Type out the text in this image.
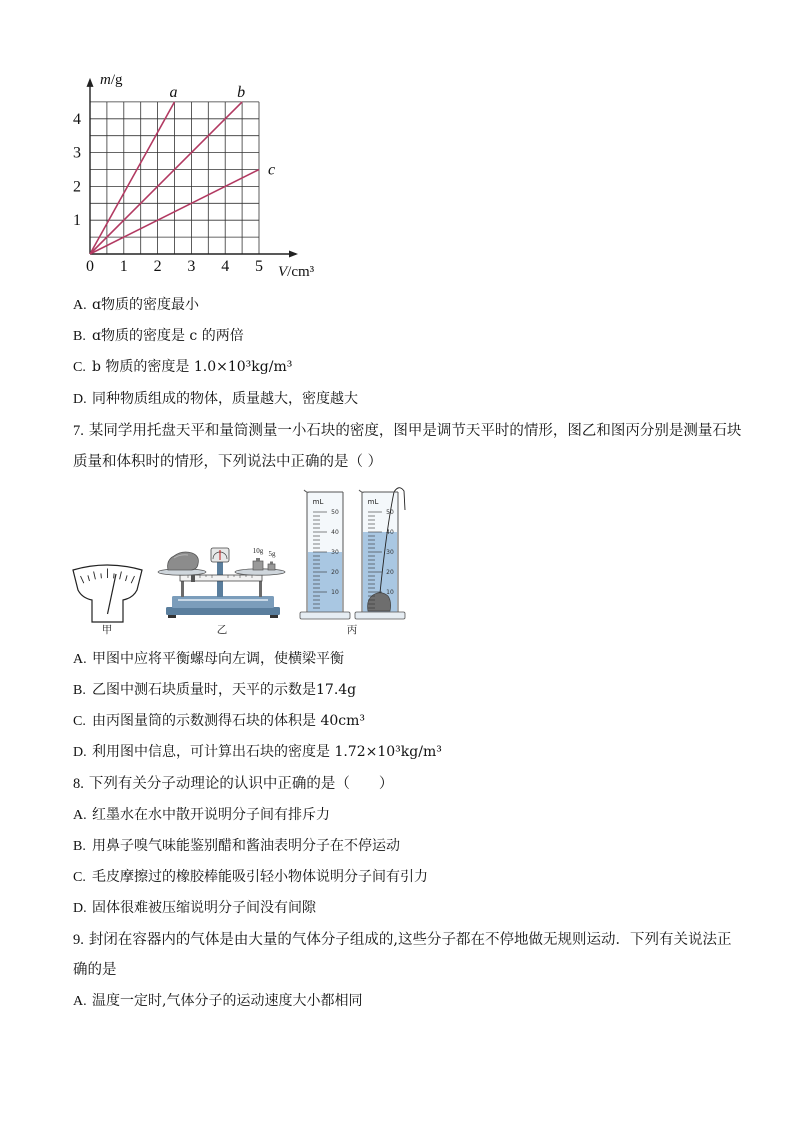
m/g
V/cm³
a	b
c
0 1 2 3 4 5
1
2
3
4
A. ɑ物质的密度最小
B. ɑ物质的密度是 c 的两倍
C. b 物质的密度是 1.0×10³kg/m³
D. 同种物质组成的物体，质量越大，密度越大
7. 某同学用托盘天平和量筒测量一小石块的密度，图甲是调节天平时的情形，图乙和图丙分别是测量石块
质量和体积时的情形，下列说法中正确的是（ ）
10g 5g
mL	mL
50
40
30
20
10
50
40
30
20
10
甲	乙	丙
A. 甲图中应将平衡螺母向左调，使横梁平衡
B. 乙图中测石块质量时，天平的示数是17.4g
C. 由丙图量筒的示数测得石块的体积是 40cm³
D. 利用图中信息，可计算出石块的密度是 1.72×10³kg/m³
8. 下列有关分子动理论的认识中正确的是（　　）
A. 红墨水在水中散开说明分子间有排斥力
B. 用鼻子嗅气味能鉴别醋和酱油表明分子在不停运动
C. 毛皮摩擦过的橡胶棒能吸引轻小物体说明分子间有引力
D. 固体很难被压缩说明分子间没有间隙
9. 封闭在容器内的气体是由大量的气体分子组成的,这些分子都在不停地做无规则运动．下列有关说法正
确的是
A. 温度一定时,气体分子的运动速度大小都相同
